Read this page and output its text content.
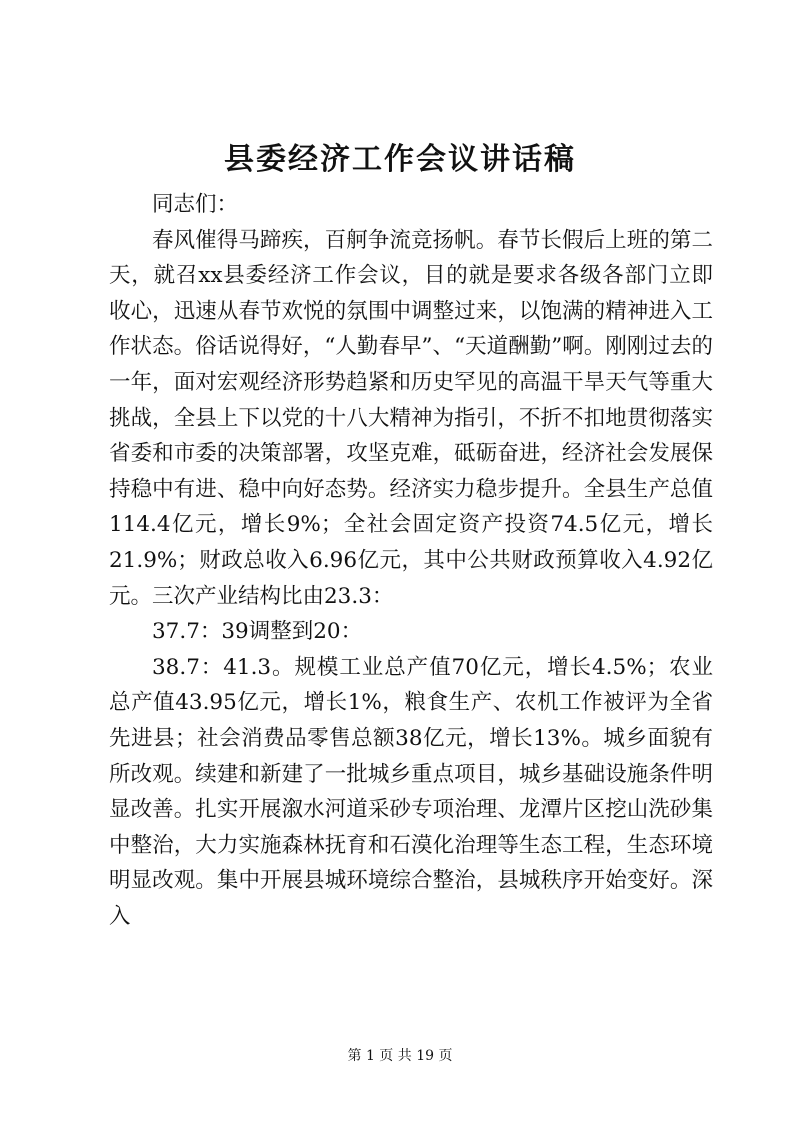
县委经济工作会议讲话稿

同志们：

春风催得马蹄疾，百舸争流竞扬帆。春节长假后上班的第二天，就召xx县委经济工作会议，目的就是要求各级各部门立即收心，迅速从春节欢悦的氛围中调整过来，以饱满的精神进入工作状态。俗话说得好，“人勤春早”、“天道酬勤”啊。刚刚过去的一年，面对宏观经济形势趋紧和历史罕见的高温干旱天气等重大挑战，全县上下以党的十八大精神为指引，不折不扣地贯彻落实省委和市委的决策部署，攻坚克难，砥砺奋进，经济社会发展保持稳中有进、稳中向好态势。经济实力稳步提升。全县生产总值114.4亿元，增长9%；全社会固定资产投资74.5亿元，增长21.9%；财政总收入6.96亿元，其中公共财政预算收入4.92亿元。三次产业结构比由23.3：

37.7：39调整到20：

38.7：41.3。规模工业总产值70亿元，增长4.5%；农业总产值43.95亿元，增长1%，粮食生产、农机工作被评为全省先进县；社会消费品零售总额38亿元，增长13%。城乡面貌有所改观。续建和新建了一批城乡重点项目，城乡基础设施条件明显改善。扎实开展溆水河道采砂专项治理、龙潭片区挖山洗砂集中整治，大力实施森林抚育和石漠化治理等生态工程，生态环境明显改观。集中开展县城环境综合整治，县城秩序开始变好。深入

第 1 页 共 19 页
